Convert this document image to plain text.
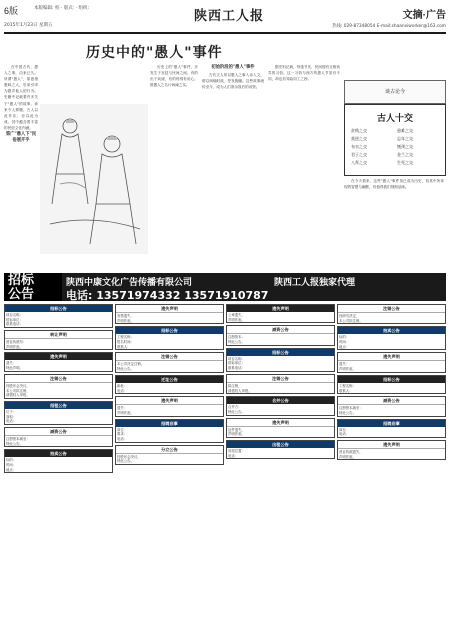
6版	本版编辑: 校 · 版式: · 组织:
2015年1月23日 星期五
陕西工人报	文摘·广告
热线: 029-87348054 E-mail:shaanxiworker@163.com
历史中的"愚人"事件

在中国古代，愚人之事，由来已久。所谓"愚人"，原意指愚昧之人，后来引申为愚弄他人的行为。史籍中记载着许多关于"愚人"的故事，读来令人捧腹。古人以此作乐，亦以此为戒，其中蕴含着丰富的民俗文化内涵。

第广"愚人下"民俗展开乎

历史上的"愚人"事件，多发生于宫廷与民间之间。有的出于戏谑，有的则别有用心，借愚人之名行讽谏之实。

初始阶段的"愚人"事件

古代文人常以愚人之事入诗入文，借以讽喻时政，抒发胸臆。这些故事流传至今，成为人们茶余饭后的谈资。

据史料记载，每逢节庆，民间便有互相戏弄的习俗。这一习俗与西方的愚人节虽有不同，却也有异曲同工之妙。

谈古论今
古人十交
贫贱之交	患难之交
莫逆之交	忘年之交
布衣之交	刎颈之交
君子之交	金兰之交
八拜之交	生死之交

在今天看来，这些"愚人"事件虽已成为历史，但其中所体现的智慧与幽默，仍值得我们细细品味。

招标
公告
陕西中康文化广告传播有限公司
电话: 13571974332 13571910787
陕西工人报独家代理
招标公告
项目名称：
招标单位：
联系电话：
转让声明
营业执照号：
声明作废。
遗失声明
遗失：
特此声明。
注销公告
经股东会决议，
本公司拟注销，
请债权人申报。
招租公告
位于：
面积：
电话：
减资公告
注册资本减至：
特此公告。
拍卖公告
标的：
时间：
地点：
遗失声明
发票遗失，
声明作废。
招标公告
工程名称：
报名时间：
联系人：
注销公告
本公司决定注销，
特此公告。
迁址公告
新址：
电话：
遗失声明
遗失：
声明作废。
招聘启事
岗位：
要求：
电话：
分立公告
经股东会决议，
特此公告。
遗失声明
公章遗失，
声明作废。
减资公告
注册资本：
特此公告。
招标公告
项目名称：
招标单位：
联系电话：
注销公告
拟注销，
请债权人申报。
合并公告
合并方：
特此公告。
遗失声明
证件遗失，
声明作废。
出租公告
房屋位置：
电话：
注销公告
经研究决定，
本公司拟注销。
拍卖公告
标的：
时间：
地点：
遗失声明
遗失：
声明作废。
招标公告
工程名称：
联系人：
减资公告
注册资本减至：
特此公告。
招聘启事
岗位：
电话：
遗失声明
营业执照遗失，
声明作废。
